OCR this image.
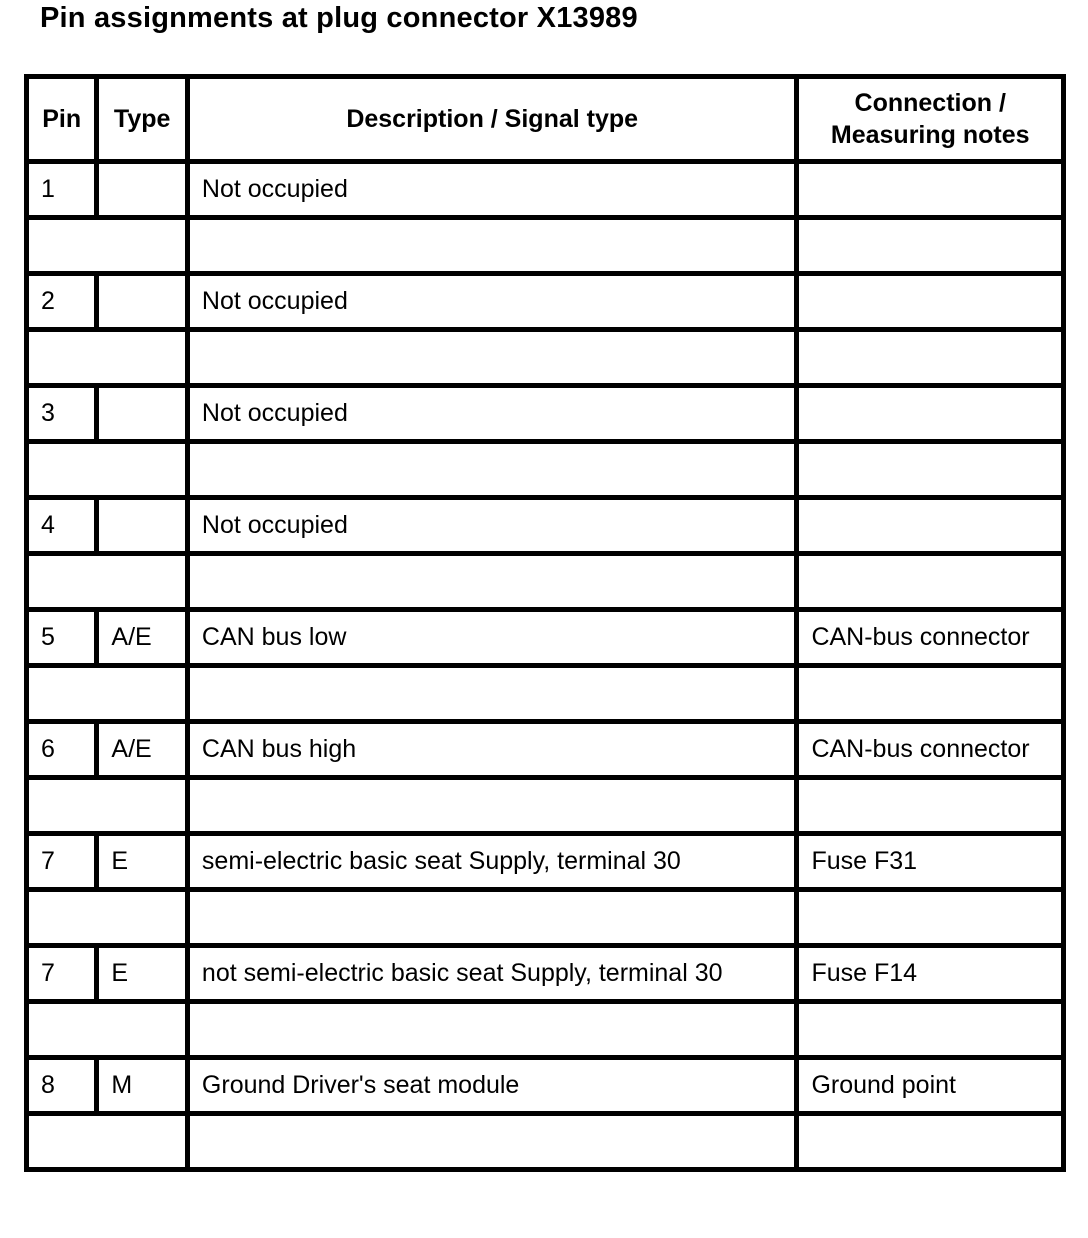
Pin assignments at plug connector X13989
Pin	Type	Description / Signal type	Connection /
Measuring notes

1		Not occupied	

2		Not occupied	

3		Not occupied	

4		Not occupied	

5	A/E	CAN bus low	CAN-bus connector

6	A/E	CAN bus high	CAN-bus connector

7	E	semi-electric basic seat Supply, terminal 30	Fuse F31

7	E	not semi-electric basic seat Supply, terminal 30	Fuse F14

8	M	Ground Driver's seat module	Ground point
